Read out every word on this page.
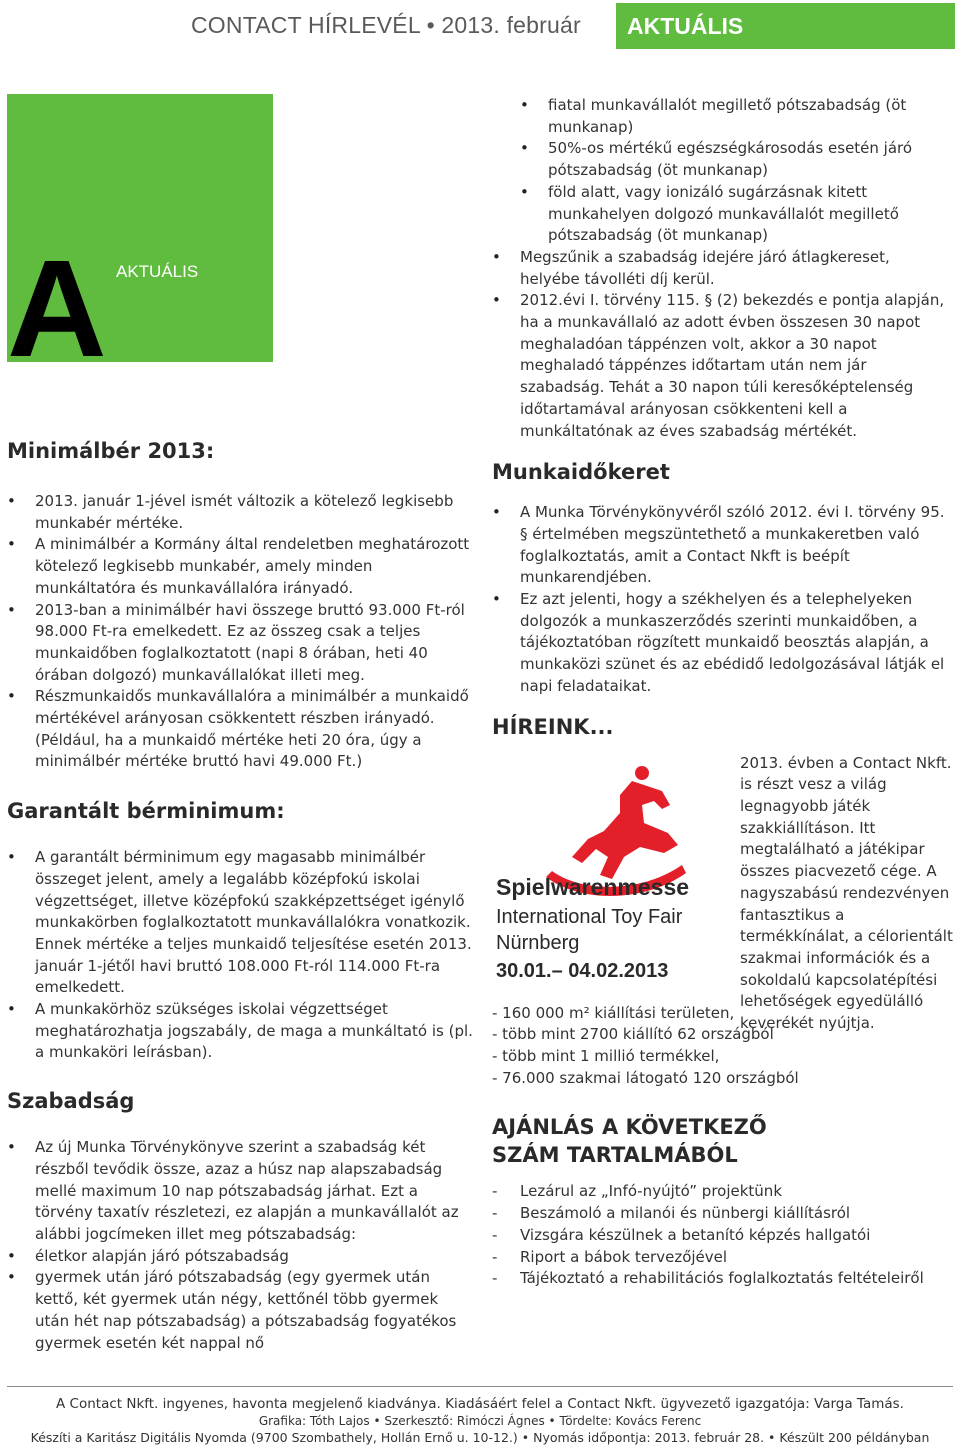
CONTACT HÍRLEVÉL • 2013. február	AKTUÁLIS
A AKTUÁLIS
Minimálbér 2013:
• 2013. január 1-jével ismét változik a kötelező legkisebb munkabér mértéke.
• A minimálbér a Kormány által rendeletben meghatározott kötelező legkisebb munkabér, amely minden munkáltatóra és munkavállalóra irányadó.
• 2013-ban a minimálbér havi összege bruttó 93.000 Ft-ról 98.000 Ft-ra emelkedett. Ez az összeg csak a teljes munkaidőben foglalkoztatott (napi 8 órában, heti 40 órában dolgozó) munkavállalókat illeti meg.
• Részmunkaidős munkavállalóra a minimálbér a munkaidő mértékével arányosan csökkentett részben irányadó. (Például, ha a munkaidő mértéke heti 20 óra, úgy a minimálbér mértéke bruttó havi 49.000 Ft.)
Garantált bérminimum:
• A garantált bérminimum egy magasabb minimálbér összeget jelent, amely a legalább középfokú iskolai végzettséget, illetve középfokú szakképzettséget igénylő munkakörben foglalkoztatott munkavállalókra vonatkozik. Ennek mértéke a teljes munkaidő teljesítése esetén 2013. január 1-jétől havi bruttó 108.000 Ft-ról 114.000 Ft-ra emelkedett.
• A munkakörhöz szükséges iskolai végzettséget meghatározhatja jogszabály, de maga a munkáltató is (pl. a munkaköri leírásban).
Szabadság
• Az új Munka Törvénykönyve szerint a szabadság két részből tevődik össze, azaz a húsz nap alapszabadság mellé maximum 10 nap pótszabadság járhat. Ezt a törvény taxatív részletezi, ez alapján a munkavállalót az alábbi jogcímeken illet meg pótszabadság:
• életkor alapján járó pótszabadság
• gyermek után járó pótszabadság (egy gyermek után kettő, két gyermek után négy, kettőnél több gyermek után hét nap pótszabadság) a pótszabadság fogyatékos gyermek esetén két nappal nő
• fiatal munkavállalót megillető pótszabadság (öt munkanap)
• 50%-os mértékű egészségkárosodás esetén járó pótszabadság (öt munkanap)
• föld alatt, vagy ionizáló sugárzásnak kitett munkahelyen dolgozó munkavállalót megillető pótszabadság (öt munkanap)
• Megszűnik a szabadság idejére járó átlagkereset, helyébe távolléti díj kerül.
• 2012.évi I. törvény 115. § (2) bekezdés e pontja alapján, ha a munkavállaló az adott évben összesen 30 napot meghaladóan táppénzen volt, akkor a 30 napot meghaladó táppénzes időtartam után nem jár szabadság. Tehát a 30 napon túli keresőképtelenség időtartamával arányosan csökkenteni kell a munkáltatónak az éves szabadság mértékét.
Munkaidőkeret
• A Munka Törvénykönyvéről szóló 2012. évi I. törvény 95. § értelmében megszüntethető a munkakeretben való foglalkoztatás, amit a Contact Nkft is beépít munkarendjében.
• Ez azt jelenti, hogy a székhelyen és a telephelyeken dolgozók a munkaszerződés szerinti munkaidőben, a tájékoztatóban rögzített munkaidő beosztás alapján, a munkaközi szünet és az ebédidő ledolgozásával látják el napi feladataikat.
HÍREINK...
Spielwarenmesse
International Toy Fair
Nürnberg
30.01.– 04.02.2013
2013. évben a Contact Nkft. is részt vesz a világ legnagyobb játék szakkiállításon. Itt megtalálható a játékipar összes piacvezető cége. A nagyszabású rendezvényen fantasztikus a termékkínálat, a célorientált szakmai információk és a sokoldalú kapcsolatépítési lehetőségek egyedülálló keverékét nyújtja.
- 160 000 m² kiállítási területen,
- több mint 2700 kiállító 62 országból
- több mint 1 millió termékkel,
- 76.000 szakmai látogató 120 országból
AJÁNLÁS A KÖVETKEZŐ SZÁM TARTALMÁBÓL
- Lezárul az „Infó-nyújtó” projektünk
- Beszámoló a milanói és nünbergi kiállításról
- Vizsgára készülnek a betanító képzés hallgatói
- Riport a bábok tervezőjével
- Tájékoztató a rehabilitációs foglalkoztatás feltételeiről
A Contact Nkft. ingyenes, havonta megjelenő kiadványa. Kiadásáért felel a Contact Nkft. ügyvezető igazgatója: Varga Tamás.
Grafika: Tóth Lajos • Szerkesztő: Rimóczi Ágnes • Tördelte: Kovács Ferenc
Készíti a Karitász Digitális Nyomda (9700 Szombathely, Hollán Ernő u. 10-12.) • Nyomás időpontja: 2013. február 28. • Készült 200 példányban
